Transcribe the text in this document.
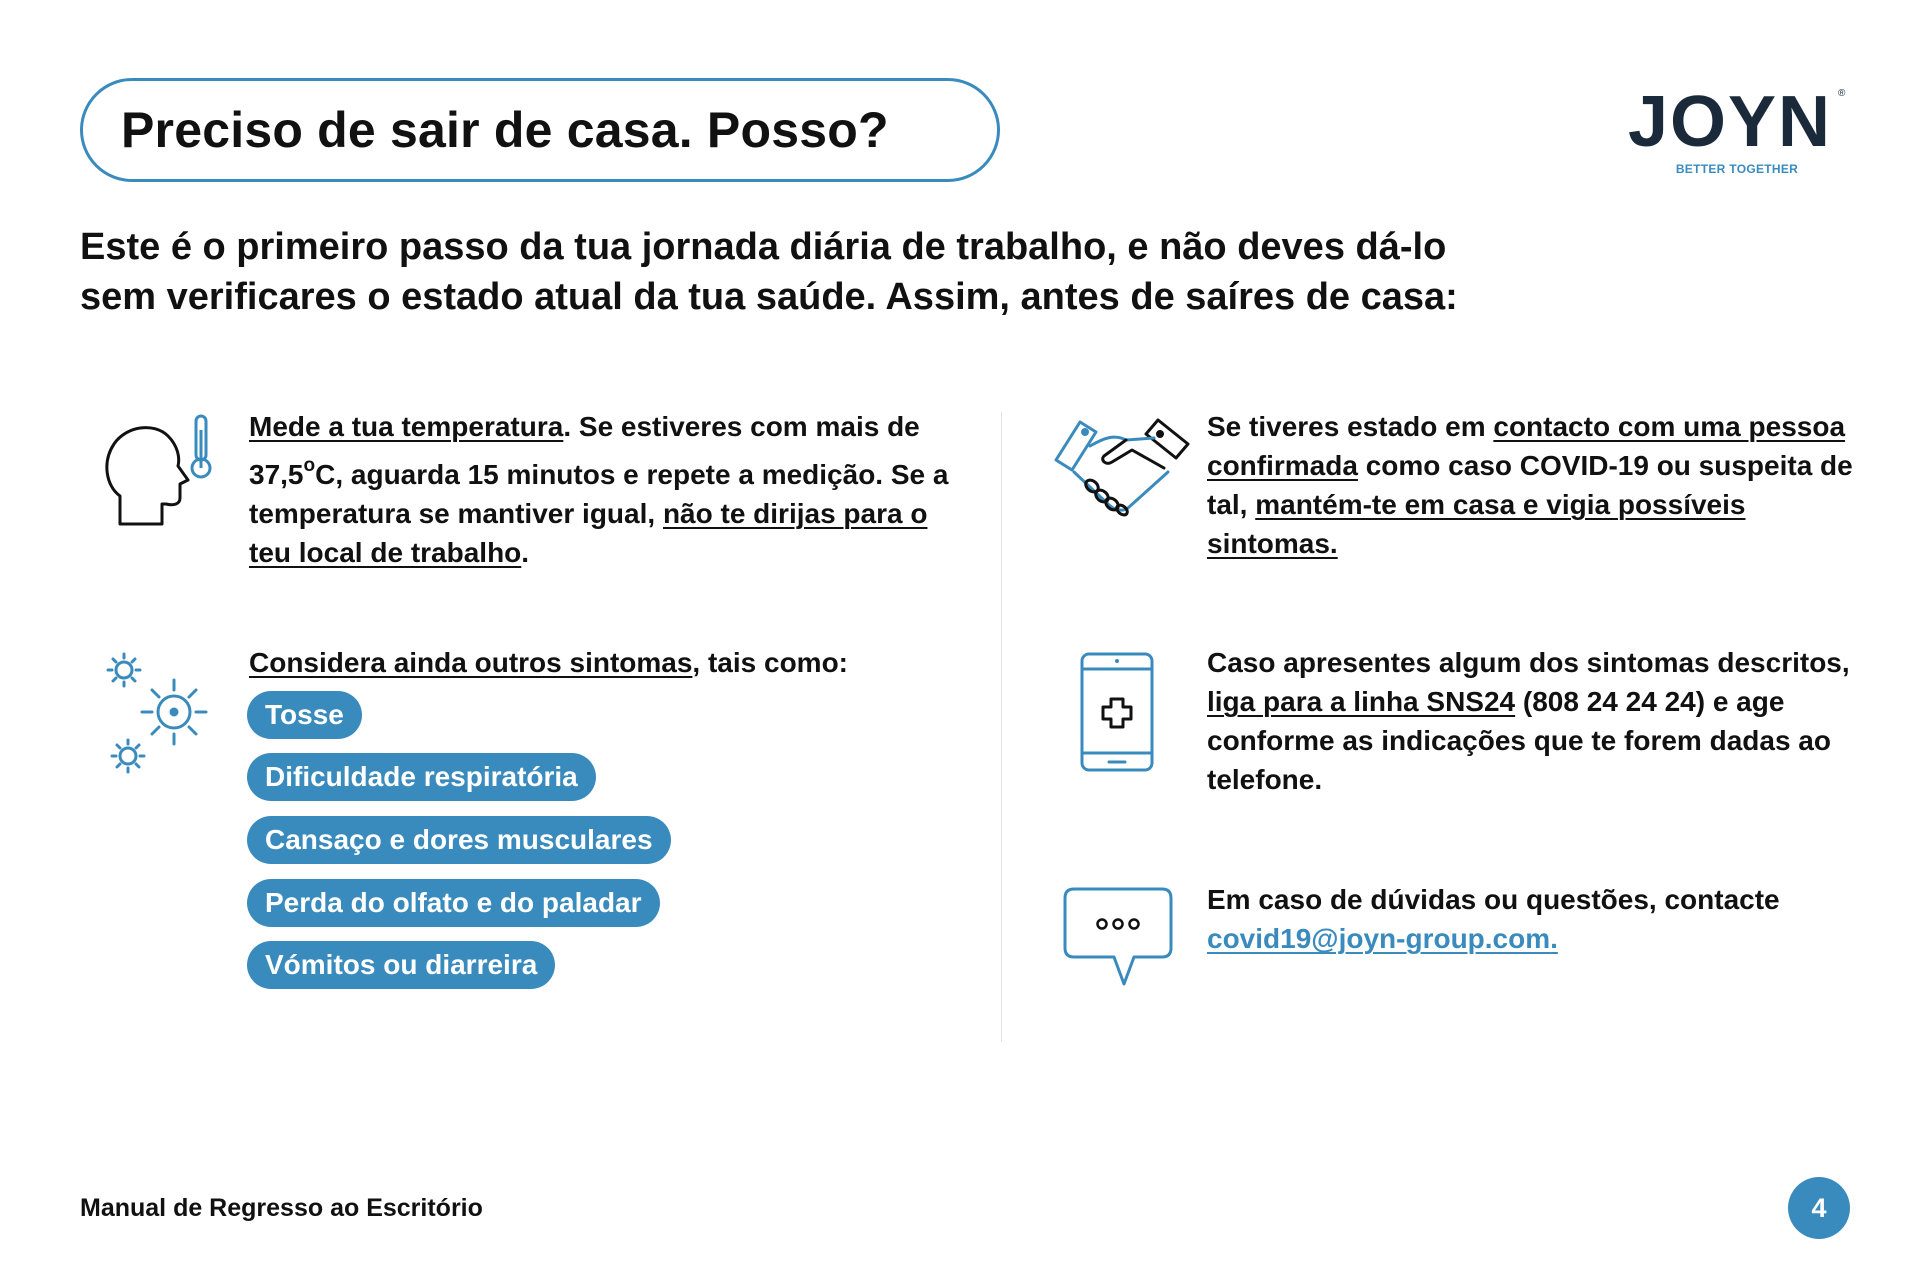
Preciso de sair de casa. Posso?	JOYN ®
BETTER TOGETHER
Este é o primeiro passo da tua jornada diária de trabalho, e não deves dá-lo sem verificares o estado atual da tua saúde. Assim, antes de saíres de casa:
Mede a tua temperatura. Se estiveres com mais de 37,5$^o$C, aguarda 15 minutos e repete a medição. Se a temperatura se mantiver igual, não te dirijas para o teu local de trabalho.
Considera ainda outros sintomas, tais como:
Tosse
Dificuldade respiratória
Cansaço e dores musculares
Perda do olfato e do paladar
Vómitos ou diarreira
Se tiveres estado em contacto com uma pessoa confirmada como caso COVID-19 ou suspeita de tal, mantém-te em casa e vigia possíveis sintomas.
Caso apresentes algum dos sintomas descritos, liga para a linha SNS24 (808 24 24 24) e age conforme as indicações que te forem dadas ao telefone.
Em caso de dúvidas ou questões, contacte covid19@joyn-group.com.
Manual de Regresso ao Escritório	4
